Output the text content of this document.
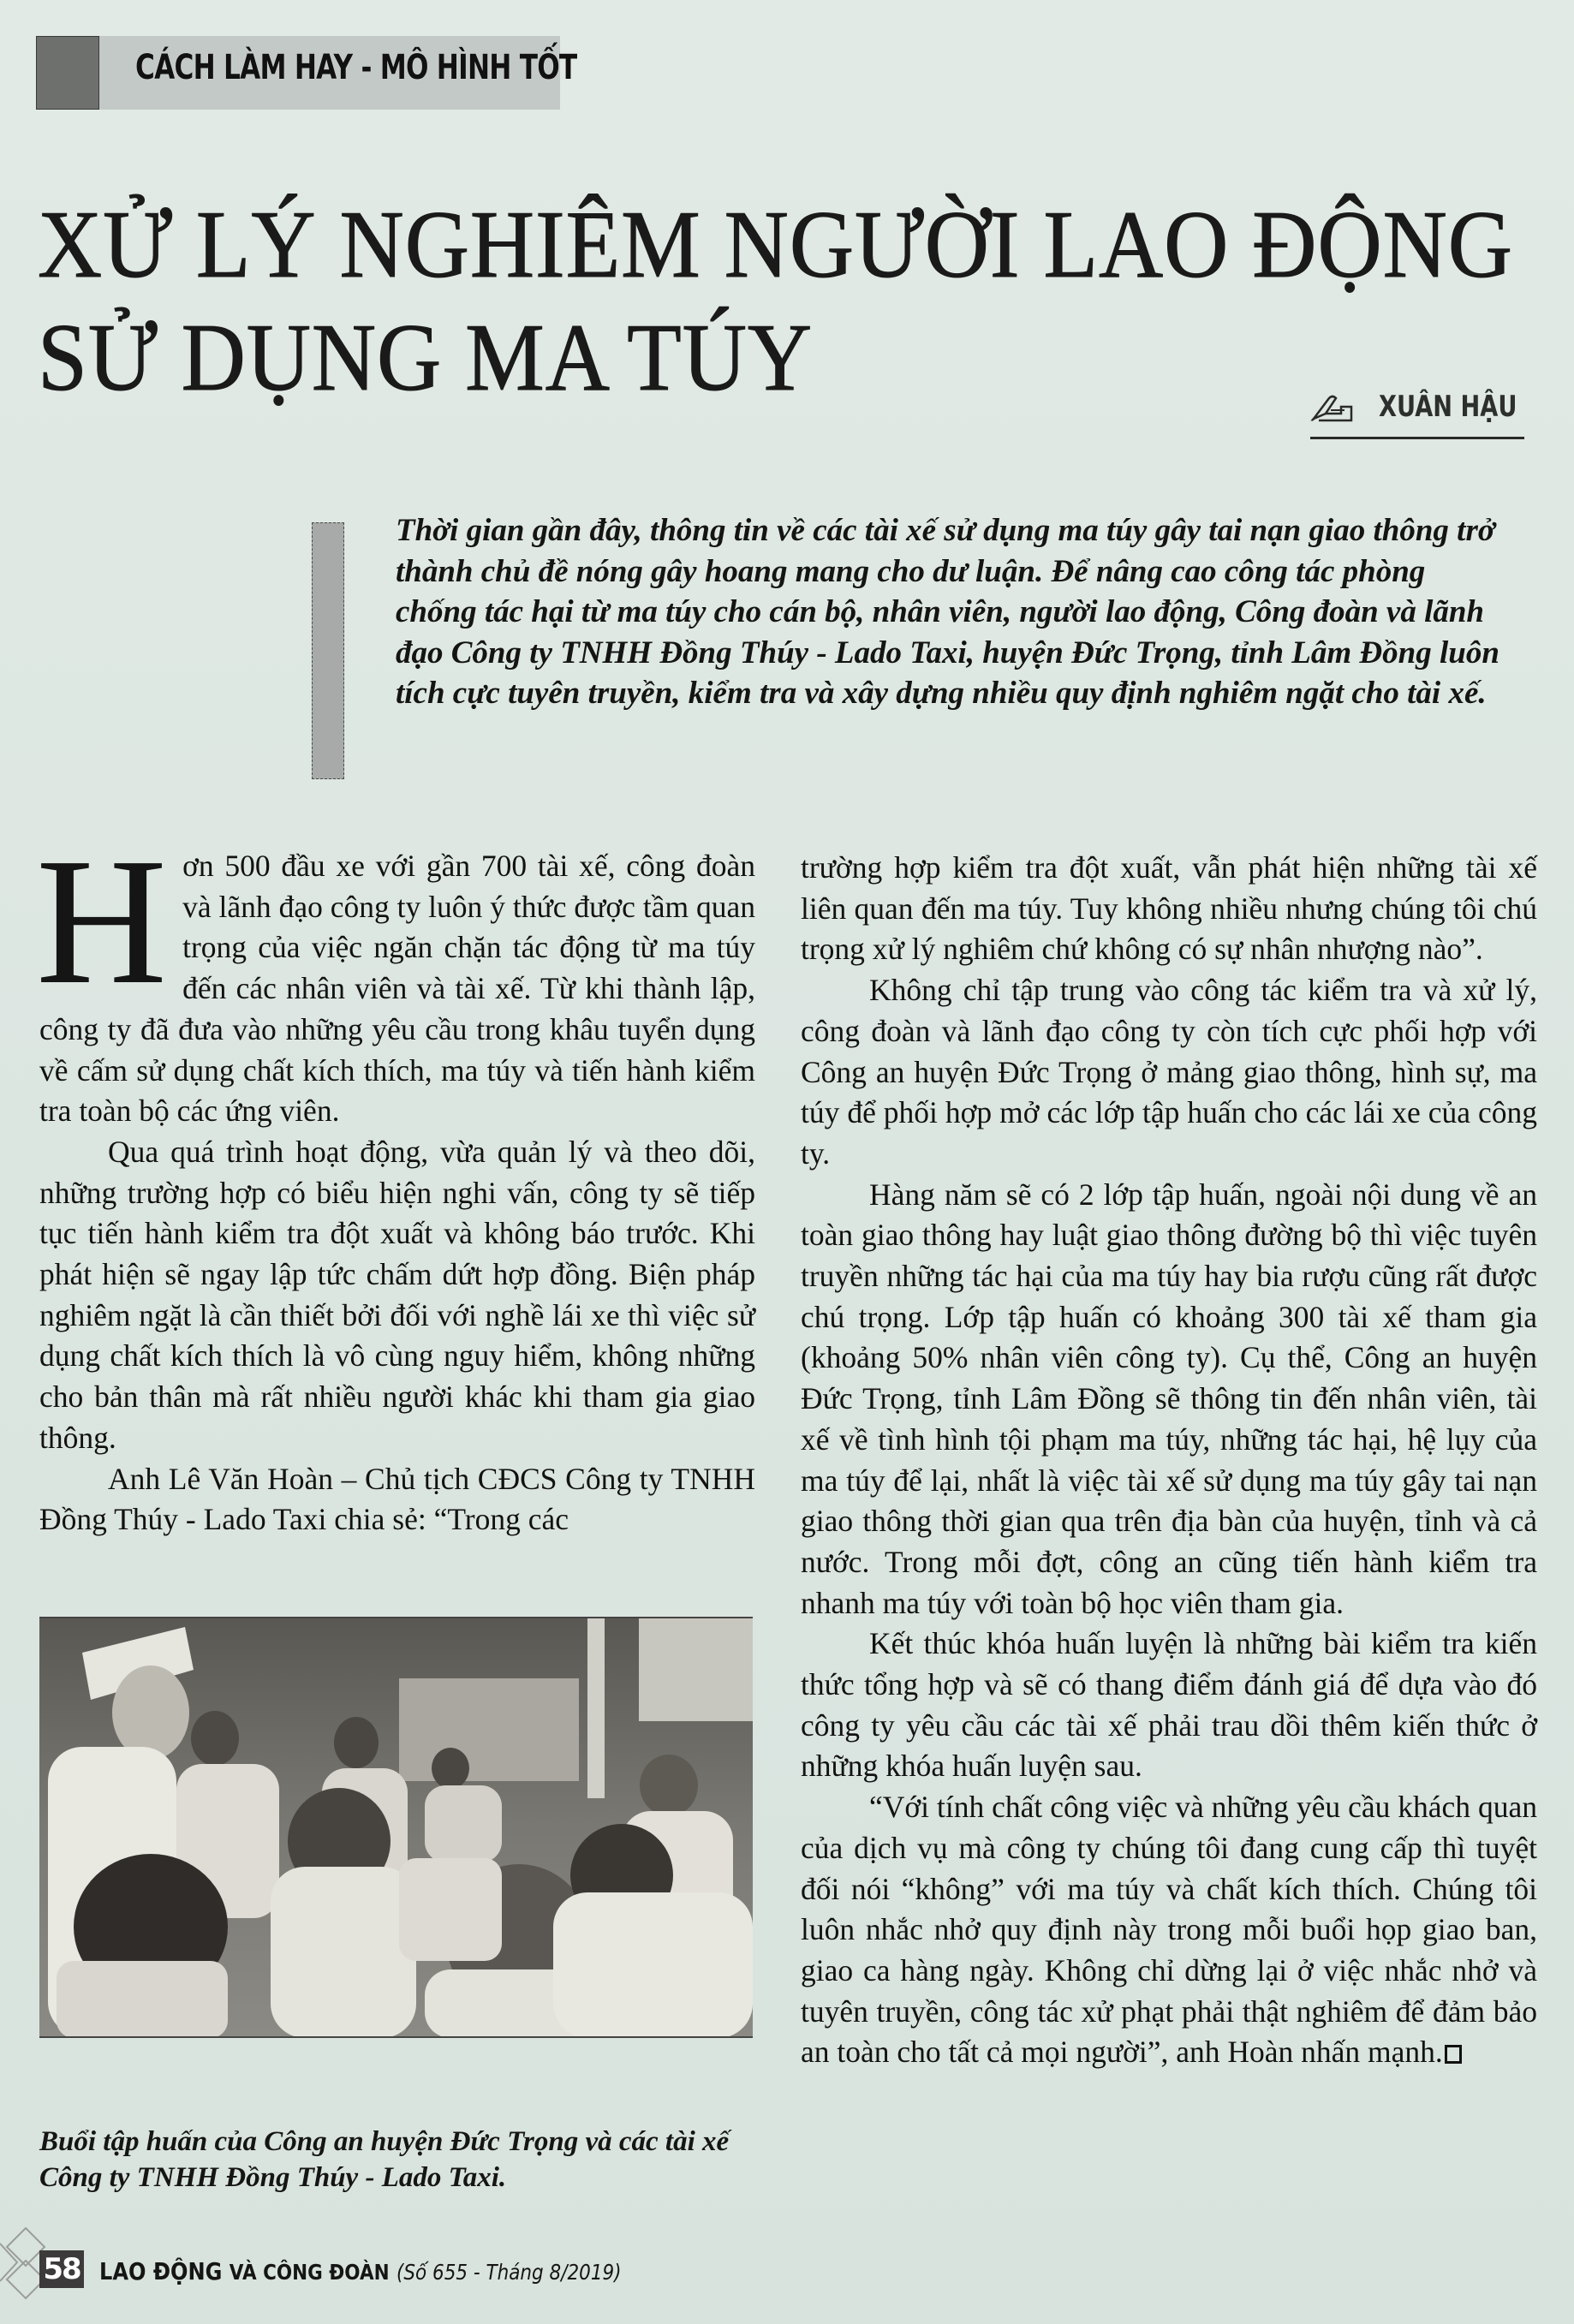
CÁCH LÀM HAY - MÔ HÌNH TỐT
XỬ LÝ NGHIÊM NGƯỜI LAO ĐỘNG
SỬ DỤNG MA TÚY	XUÂN HẬU

Thời gian gần đây, thông tin về các tài xế sử dụng ma túy gây tai nạn giao thông trở thành chủ đề nóng gây hoang mang cho dư luận. Để nâng cao công tác phòng chống tác hại từ ma túy cho cán bộ, nhân viên, người lao động, Công đoàn và lãnh đạo Công ty TNHH Đồng Thúy - Lado Taxi, huyện Đức Trọng, tỉnh Lâm Đồng luôn tích cực tuyên truyền, kiểm tra và xây dựng nhiều quy định nghiêm ngặt cho tài xế.

Hơn 500 đầu xe với gần 700 tài xế, công đoàn và lãnh đạo công ty luôn ý thức được tầm quan trọng của việc ngăn chặn tác động từ ma túy đến các nhân viên và tài xế. Từ khi thành lập, công ty đã đưa vào những yêu cầu trong khâu tuyển dụng về cấm sử dụng chất kích thích, ma túy và tiến hành kiểm tra toàn bộ các ứng viên.

Qua quá trình hoạt động, vừa quản lý và theo dõi, những trường hợp có biểu hiện nghi vấn, công ty sẽ tiếp tục tiến hành kiểm tra đột xuất và không báo trước. Khi phát hiện sẽ ngay lập tức chấm dứt hợp đồng. Biện pháp nghiêm ngặt là cần thiết bởi đối với nghề lái xe thì việc sử dụng chất kích thích là vô cùng nguy hiểm, không những cho bản thân mà rất nhiều người khác khi tham gia giao thông.

Anh Lê Văn Hoàn – Chủ tịch CĐCS Công ty TNHH Đồng Thúy - Lado Taxi chia sẻ: “Trong các

Buổi tập huấn của Công an huyện Đức Trọng và các tài xế Công ty TNHH Đồng Thúy - Lado Taxi.

trường hợp kiểm tra đột xuất, vẫn phát hiện những tài xế liên quan đến ma túy. Tuy không nhiều nhưng chúng tôi chú trọng xử lý nghiêm chứ không có sự nhân nhượng nào”.

Không chỉ tập trung vào công tác kiểm tra và xử lý, công đoàn và lãnh đạo công ty còn tích cực phối hợp với Công an huyện Đức Trọng ở mảng giao thông, hình sự, ma túy để phối hợp mở các lớp tập huấn cho các lái xe của công ty.

Hàng năm sẽ có 2 lớp tập huấn, ngoài nội dung về an toàn giao thông hay luật giao thông đường bộ thì việc tuyên truyền những tác hại của ma túy hay bia rượu cũng rất được chú trọng. Lớp tập huấn có khoảng 300 tài xế tham gia (khoảng 50% nhân viên công ty). Cụ thể, Công an huyện Đức Trọng, tỉnh Lâm Đồng sẽ thông tin đến nhân viên, tài xế về tình hình tội phạm ma túy, những tác hại, hệ lụy của ma túy để lại, nhất là việc tài xế sử dụng ma túy gây tai nạn giao thông thời gian qua trên địa bàn của huyện, tỉnh và cả nước. Trong mỗi đợt, công an cũng tiến hành kiểm tra nhanh ma túy với toàn bộ học viên tham gia.

Kết thúc khóa huấn luyện là những bài kiểm tra kiến thức tổng hợp và sẽ có thang điểm đánh giá để dựa vào đó công ty yêu cầu các tài xế phải trau dồi thêm kiến thức ở những khóa huấn luyện sau.

“Với tính chất công việc và những yêu cầu khách quan của dịch vụ mà công ty chúng tôi đang cung cấp thì tuyệt đối nói “không” với ma túy và chất kích thích. Chúng tôi luôn nhắc nhở quy định này trong mỗi buổi họp giao ban, giao ca hàng ngày. Không chỉ dừng lại ở việc nhắc nhở và tuyên truyền, công tác xử phạt phải thật nghiêm để đảm bảo an toàn cho tất cả mọi người”, anh Hoàn nhấn mạnh.

58 LAO ĐỘNG VÀ CÔNG ĐOÀN (Số 655 - Tháng 8/2019)
